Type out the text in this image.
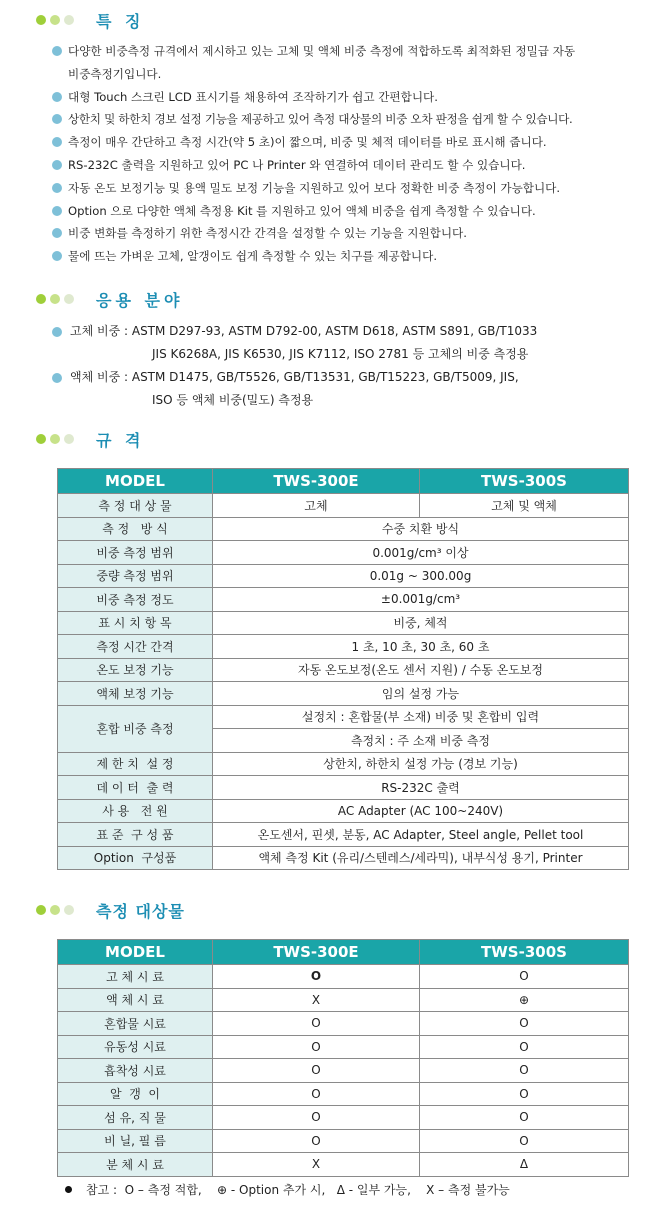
특 징
다양한 비중측정 규격에서 제시하고 있는 고체 및 액체 비중 측정에 적합하도록 최적화된 정밀급 자동
비중측정기입니다.
대형 Touch 스크린 LCD 표시기를 채용하여 조작하기가 쉽고 간편합니다.
상한치 및 하한치 경보 설정 기능을 제공하고 있어 측정 대상물의 비중 오차 판정을 쉽게 할 수 있습니다.
측정이 매우 간단하고 측정 시간(약 5 초)이 짧으며, 비중 및 체적 데이터를 바로 표시해 줍니다.
RS-232C 출력을 지원하고 있어 PC 나 Printer 와 연결하여 데이터 관리도 할 수 있습니다.
자동 온도 보정기능 및 용액 밀도 보정 기능을 지원하고 있어 보다 정확한 비중 측정이 가능합니다.
Option 으로 다양한 액체 측정용 Kit 를 지원하고 있어 액체 비중을 쉽게 측정할 수 있습니다.
비중 변화를 측정하기 위한 측정시간 간격을 설정할 수 있는 기능을 지원합니다.
물에 뜨는 가벼운 고체, 알갱이도 쉽게 측정할 수 있는 치구를 제공합니다.
응용 분야
고체 비중 : ASTM D297-93, ASTM D792-00, ASTM D618, ASTM S891, GB/T1033
JIS K6268A, JIS K6530, JIS K7112, ISO 2781 등 고체의 비중 측정용
액체 비중 : ASTM D1475, GB/T5526, GB/T13531, GB/T15223, GB/T5009, JIS,
ISO 등 액체 비중(밀도) 측정용
규 격
MODEL	TWS-300E	TWS-300S
측 정 대 상 물	고체	고체 및 액체
측 정   방 식	수중 치환 방식	
비중 측정 범위	0.001g/cm³ 이상	
중량 측정 범위	0.01g ~ 300.00g	
비중 측정 정도	±0.001g/cm³	
표 시 치 항 목	비중, 체적	
측정 시간 간격	1 초, 10 초, 30 초, 60 초	
온도 보정 기능	자동 온도보정(온도 센서 지원) / 수동 온도보정	
액체 보정 기능	임의 설정 가능	
혼합 비중 측정	설정치 : 혼합물(부 소재) 비중 및 혼합비 입력	
	측정치 : 주 소재 비중 측정	
제 한 치  설 정	상한치, 하한치 설정 가능 (경보 기능)	
데 이 터  출 력	RS-232C 출력	
사 용   전 원	AC Adapter (AC 100~240V)	
표 준  구 성 품	온도센서, 핀셋, 분동, AC Adapter, Steel angle, Pellet tool	
Option  구성품	액체 측정 Kit (유리/스텐레스/세라믹), 내부식성 용기, Printer	
측정 대상물
MODEL	TWS-300E	TWS-300S
고 체 시 료	O	O
액 체 시 료	X	⊕
혼합물 시료	O	O
유동성 시료	O	O
흡착성 시료	O	O
알  갱  이	O	O
섬 유, 직 물	O	O
비 닐, 필 름	O	O
분 체 시 료	X	Δ
참고 :  O – 측정 적합,    ⊕ - Option 추가 시,   Δ - 일부 가능,    X – 측정 불가능
